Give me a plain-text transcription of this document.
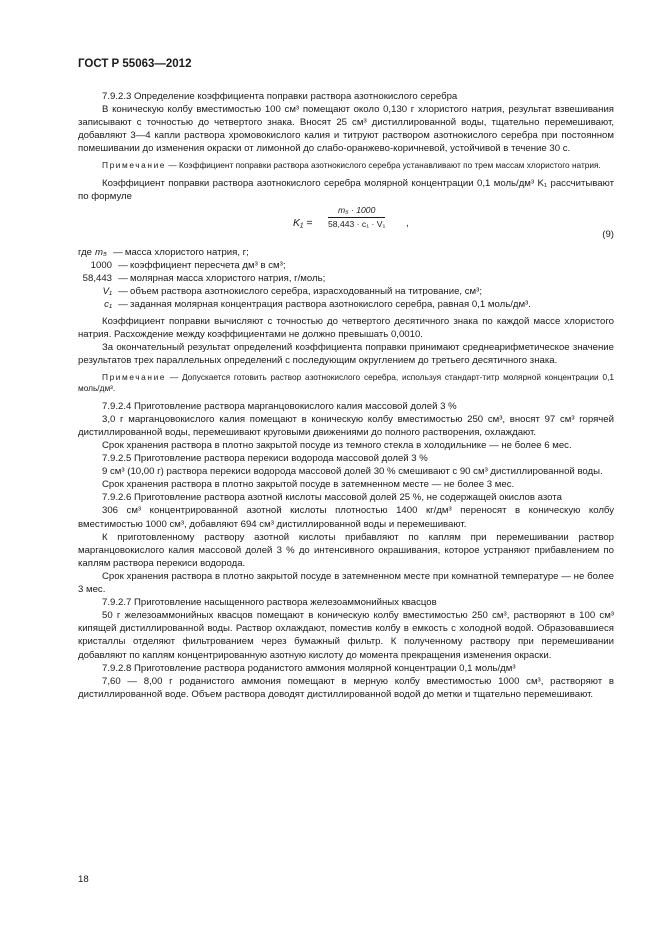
ГОСТ Р 55063—2012

7.9.2.3 Определение коэффициента поправки раствора азотнокислого серебра

В коническую колбу вместимостью 100 см³ помещают около 0,130 г хлористого натрия, результат взвешивания записывают с точностью до четвертого знака. Вносят 25 см³ дистиллированной воды, тщательно перемешивают, добавляют 3—4 капли раствора хромовокислого калия и титруют раствором азотнокислого серебра при постоянном помешивании до изменения окраски от лимонной до слабо-оранжево-коричневой, устойчивой в течение 30 с.

Примечание — Коэффициент поправки раствора азотнокислого серебра устанавливают по трем массам хлористого натрия.

Коэффициент поправки раствора азотнокислого серебра молярной концентрации 0,1 моль/дм³ K₁ рассчитывают по формуле

$K_1 = \frac{\text{m₅ · 1000}}{\text{58,443 · c₁ · V₁}}$ ,
(9)
где m₅ — масса хлористого натрия, г;
1000 — коэффициент пересчета дм³ в см³;
58,443 — молярная масса хлористого натрия, г/моль;
V₁ — объем раствора азотнокислого серебра, израсходованный на титрование, см³;
c₁ — заданная молярная концентрация раствора азотнокислого серебра, равная 0,1 моль/дм³.

Коэффициент поправки вычисляют с точностью до четвертого десятичного знака по каждой массе хлористого натрия. Расхождение между коэффициентами не должно превышать 0,0010.

За окончательный результат определений коэффициента поправки принимают среднеарифметическое значение результатов трех параллельных определений с последующим округлением до третьего десятичного знака.

Примечание — Допускается готовить раствор азотнокислого серебра, используя стандарт-титр молярной концентрации 0,1 моль/дм³.

7.9.2.4 Приготовление раствора марганцовокислого калия массовой долей 3 %

3,0 г марганцовокислого калия помещают в коническую колбу вместимостью 250 см³, вносят 97 см³ горячей дистиллированной воды, перемешивают круговыми движениями до полного растворения, охлаждают.

Срок хранения раствора в плотно закрытой посуде из темного стекла в холодильнике — не более 6 мес.

7.9.2.5 Приготовление раствора перекиси водорода массовой долей 3 %

9 см³ (10,00 г) раствора перекиси водорода массовой долей 30 % смешивают с 90 см³ дистиллированной воды.

Срок хранения раствора в плотно закрытой посуде в затемненном месте — не более 3 мес.

7.9.2.6 Приготовление раствора азотной кислоты массовой долей 25 %, не содержащей окислов азота

306 см³ концентрированной азотной кислоты плотностью 1400 кг/дм³ переносят в коническую колбу вместимостью 1000 см³, добавляют 694 см³ дистиллированной воды и перемешивают.

К приготовленному раствору азотной кислоты прибавляют по каплям при перемешивании раствор марганцовокислого калия массовой долей 3 % до интенсивного окрашивания, которое устраняют прибавлением по каплям раствора перекиси водорода.

Срок хранения раствора в плотно закрытой посуде в затемненном месте при комнатной температуре — не более 3 мес.

7.9.2.7 Приготовление насыщенного раствора железоаммонийных квасцов

50 г железоаммонийных квасцов помещают в коническую колбу вместимостью 250 см³, растворяют в 100 см³ кипящей дистиллированной воды. Раствор охлаждают, поместив колбу в емкость с холодной водой. Образовавшиеся кристаллы отделяют фильтрованием через бумажный фильтр. К полученному раствору при перемешивании добавляют по каплям концентрированную азотную кислоту до момента прекращения изменения окраски.

7.9.2.8 Приготовление раствора роданистого аммония молярной концентрации 0,1 моль/дм³

7,60 — 8,00 г роданистого аммония помещают в мерную колбу вместимостью 1000 см³, растворяют в дистиллированной воде. Объем раствора доводят дистиллированной водой до метки и тщательно перемешивают.

18
